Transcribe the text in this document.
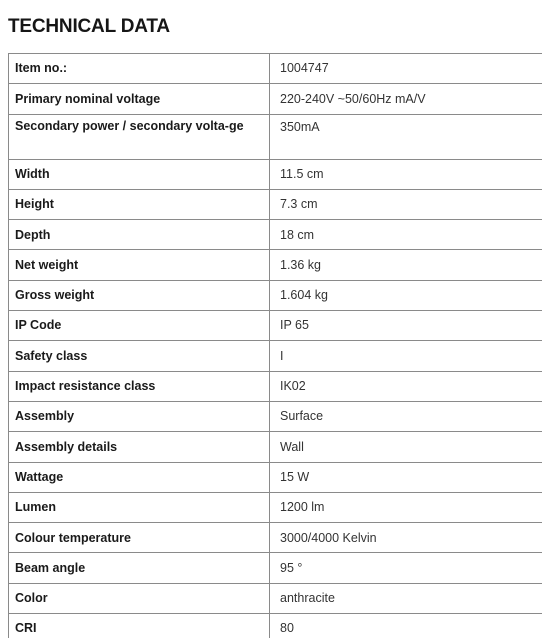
TECHNICAL DATA
Item no.:	1004747
Primary nominal voltage	220-240V ~50/60Hz mA/V
Secondary power / secondary volta-ge	350mA
Width	11.5 cm
Height	7.3 cm
Depth	18 cm
Net weight	1.36 kg
Gross weight	1.604 kg
IP Code	IP 65
Safety class	I
Impact resistance class	IK02
Assembly	Surface
Assembly details	Wall
Wattage	15 W
Lumen	1200 lm
Colour temperature	3000/4000 Kelvin
Beam angle	95 °
Color	anthracite
CRI	80
